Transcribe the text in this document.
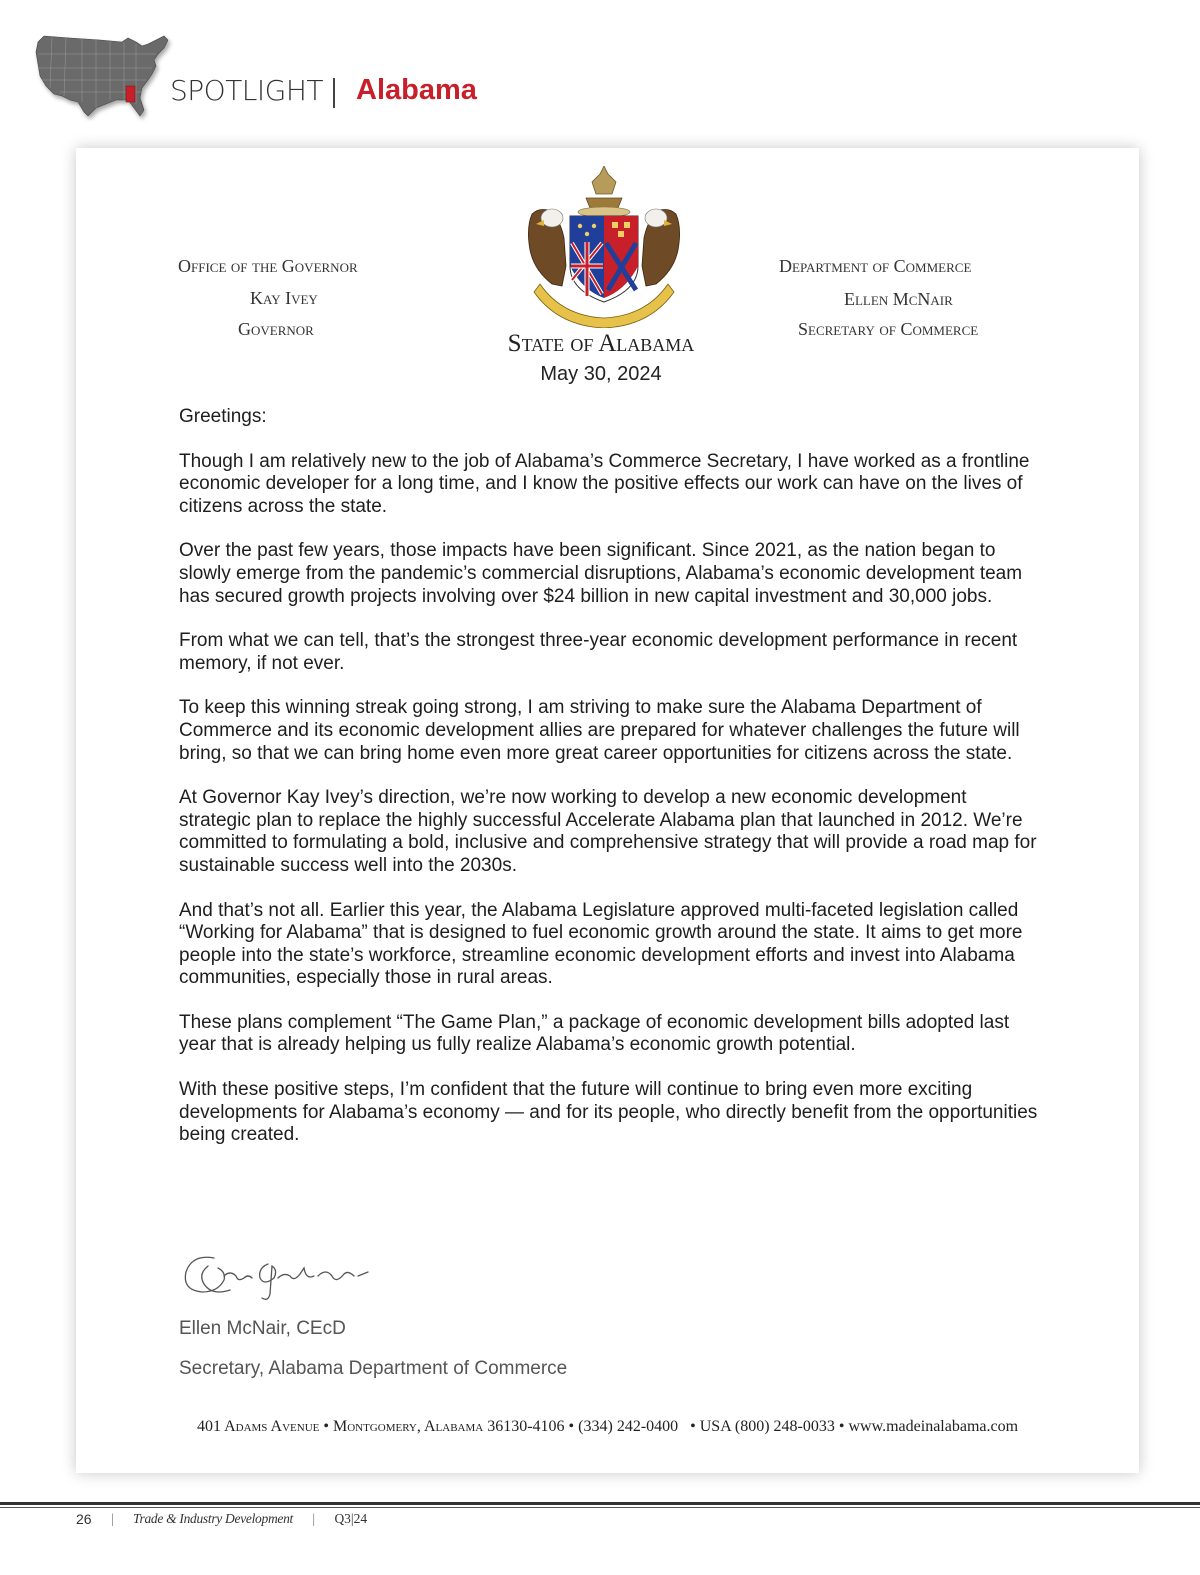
SPOTLIGHT Alabama
Office of the Governor
Kay Ivey
Governor
State of Alabama
May 30, 2024
Department of Commerce
Ellen McNair
Secretary of Commerce

Greetings:

Though I am relatively new to the job of Alabama’s Commerce Secretary, I have worked as a frontline economic developer for a long time, and I know the positive effects our work can have on the lives of citizens across the state.

Over the past few years, those impacts have been significant. Since 2021, as the nation began to slowly emerge from the pandemic’s commercial disruptions, Alabama’s economic development team has secured growth projects involving over $24 billion in new capital investment and 30,000 jobs.

From what we can tell, that’s the strongest three-year economic development performance in recent memory, if not ever.

To keep this winning streak going strong, I am striving to make sure the Alabama Department of Commerce and its economic development allies are prepared for whatever challenges the future will bring, so that we can bring home even more great career opportunities for citizens across the state.

At Governor Kay Ivey’s direction, we’re now working to develop a new economic development strategic plan to replace the highly successful Accelerate Alabama plan that launched in 2012. We’re committed to formulating a bold, inclusive and comprehensive strategy that will provide a road map for sustainable success well into the 2030s.

And that’s not all. Earlier this year, the Alabama Legislature approved multi-faceted legislation called “Working for Alabama” that is designed to fuel economic growth around the state. It aims to get more people into the state’s workforce, streamline economic development efforts and invest into Alabama communities, especially those in rural areas.

These plans complement “The Game Plan,” a package of economic development bills adopted last year that is already helping us fully realize Alabama’s economic growth potential.

With these positive steps, I’m confident that the future will continue to bring even more exciting developments for Alabama’s economy — and for its people, who directly benefit from the opportunities being created.

Ellen McNair, CEcD
Secretary, Alabama Department of Commerce
401 Adams Avenue • Montgomery, Alabama 36130-4106 • (334) 242-0400   • USA (800) 248-0033 • www.madeinalabama.com
26 | Trade & Industry Development | Q3|24
